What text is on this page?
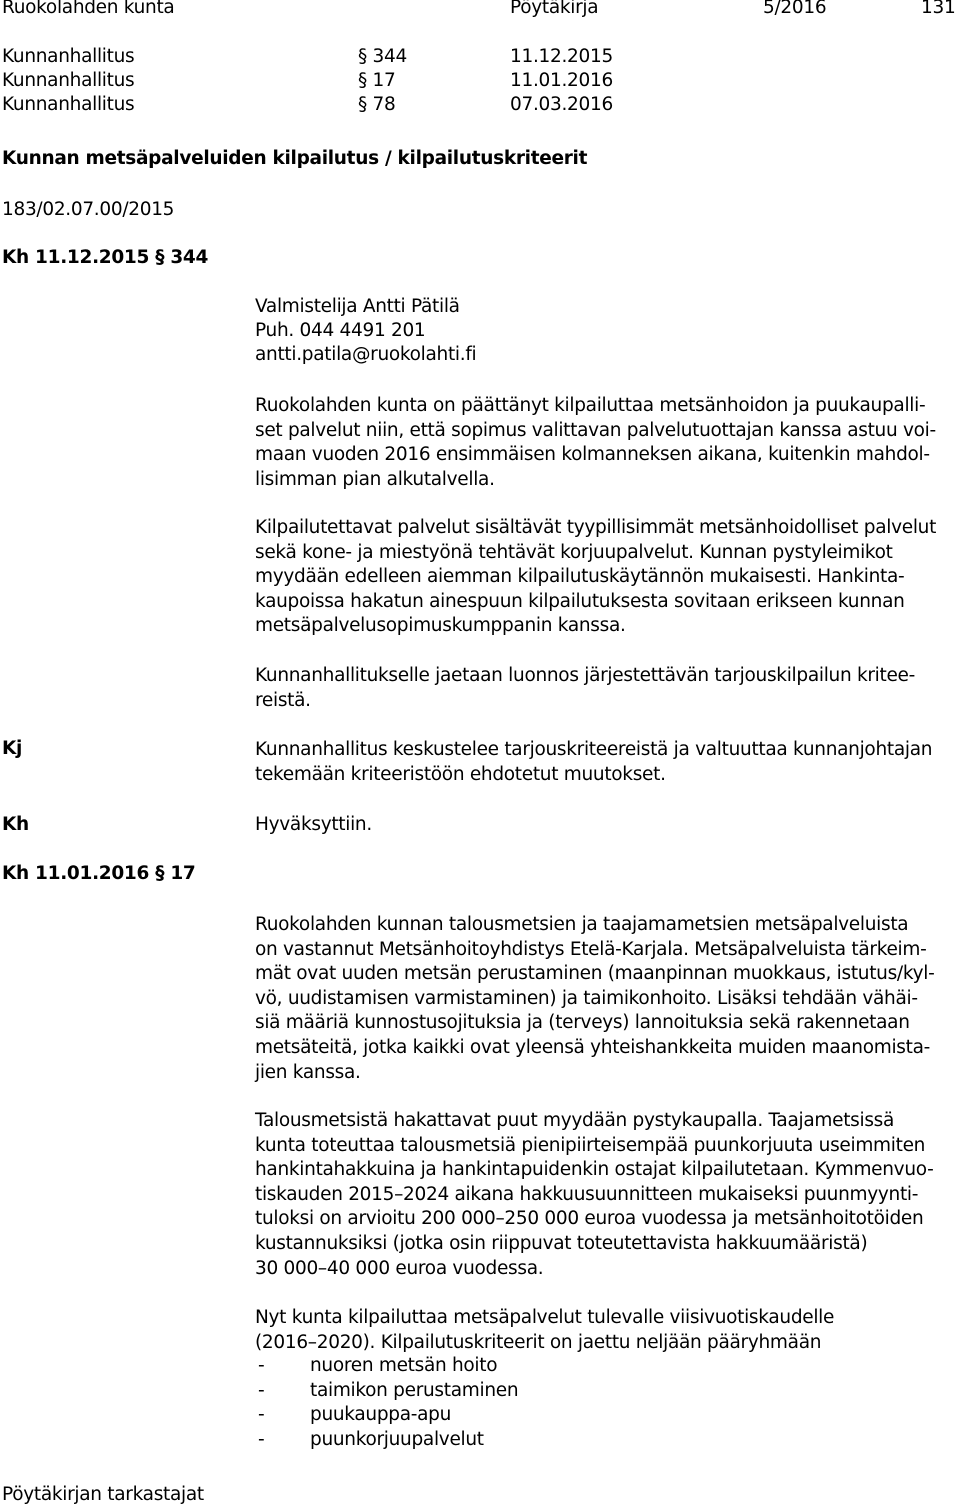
Ruokolahden kunta	Pöytäkirja	5/2016	131
Kunnanhallitus	§ 344	11.12.2015
Kunnanhallitus	§ 17	11.01.2016
Kunnanhallitus	§ 78	07.03.2016
Kunnan metsäpalveluiden kilpailutus / kilpailutuskriteerit
183/02.07.00/2015
Kh 11.12.2015 § 344
Valmistelija Antti Pätilä
Puh. 044 4491 201
antti.patila@ruokolahti.fi
Ruokolahden kunta on päättänyt kilpailuttaa metsänhoidon ja puukaupalli-
set palvelut niin, että sopimus valittavan palvelutuottajan kanssa astuu voi-
maan vuoden 2016 ensimmäisen kolmanneksen aikana, kuitenkin mahdol-
lisimman pian alkutalvella.
Kilpailutettavat palvelut sisältävät tyypillisimmät metsänhoidolliset palvelut
sekä kone- ja miestyönä tehtävät korjuupalvelut. Kunnan pystyleimikot
myydään edelleen aiemman kilpailutuskäytännön mukaisesti. Hankinta-
kaupoissa hakatun ainespuun kilpailutuksesta sovitaan erikseen kunnan
metsäpalvelusopimuskumppanin kanssa.
Kunnanhallitukselle jaetaan luonnos järjestettävän tarjouskilpailun kritee-
reistä.
Kj	Kunnanhallitus keskustelee tarjouskriteereistä ja valtuuttaa kunnanjohtajan
tekemään kriteeristöön ehdotetut muutokset.
Kh	Hyväksyttiin.
Kh 11.01.2016 § 17
Ruokolahden kunnan talousmetsien ja taajamametsien metsäpalveluista
on vastannut Metsänhoitoyhdistys Etelä-Karjala. Metsäpalveluista tärkeim-
mät ovat uuden metsän perustaminen (maanpinnan muokkaus, istutus/kyl-
vö, uudistamisen varmistaminen) ja taimikonhoito. Lisäksi tehdään vähäi-
siä määriä kunnostusojituksia ja (terveys) lannoituksia sekä rakennetaan
metsäteitä, jotka kaikki ovat yleensä yhteishankkeita muiden maanomista-
jien kanssa.
Talousmetsistä hakattavat puut myydään pystykaupalla. Taajametsissä
kunta toteuttaa talousmetsiä pienipiirteisempää puunkorjuuta useimmiten
hankintahakkuina ja hankintapuidenkin ostajat kilpailutetaan. Kymmenvuo-
tiskauden 2015–2024 aikana hakkuusuunnitteen mukaiseksi puunmyynti-
tuloksi on arvioitu 200 000–250 000 euroa vuodessa ja metsänhoitotöiden
kustannuksiksi (jotka osin riippuvat toteutettavista hakkuumääristä)
30 000–40 000 euroa vuodessa.
Nyt kunta kilpailuttaa metsäpalvelut tulevalle viisivuotiskaudelle
(2016–2020). Kilpailutuskriteerit on jaettu neljään pääryhmään
- nuoren metsän hoito
- taimikon perustaminen
- puukauppa-apu
- puunkorjuupalvelut
Pöytäkirjan tarkastajat
